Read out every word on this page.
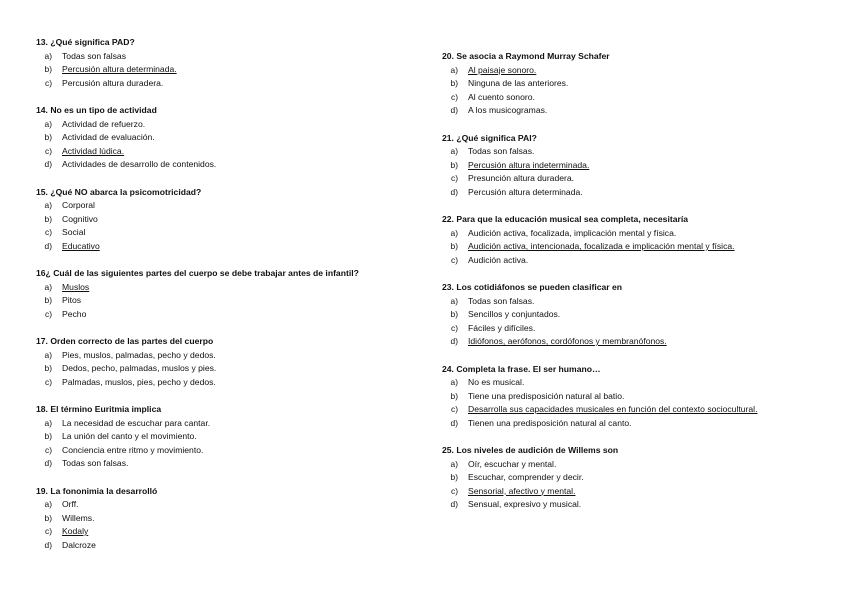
13. ¿Qué significa PAD?
a)	Todas son falsas
b)	Percusión altura determinada.
c)	Percusión altura duradera.
14. No es un tipo de actividad
a)	Actividad de refuerzo.
b)	Actividad de evaluación.
c)	Actividad lúdica.
d)	Actividades de desarrollo de contenidos.
15. ¿Qué NO abarca la psicomotricidad?
a)	Corporal
b)	Cognitivo
c)	Social
d)	Educativo
16¿ Cuál de las siguientes partes del cuerpo se debe trabajar antes de infantil?
a)	Muslos
b)	Pitos
c)	Pecho
17. Orden correcto de las partes del cuerpo
a)	Pies, muslos, palmadas, pecho y dedos.
b)	Dedos, pecho, palmadas, muslos y pies.
c)	Palmadas, muslos, pies, pecho y dedos.
18. El término Euritmia implica
a)	La necesidad de escuchar para cantar.
b)	La unión del canto y el movimiento.
c)	Conciencia entre ritmo y movimiento.
d)	Todas son falsas.
19. La fononimia la desarrolló
a)	Orff.
b)	Willems.
c)	Kodaly
d)	Dalcroze
20. Se asocia a Raymond Murray Schafer
a)	Al paisaje sonoro.
b)	Ninguna de las anteriores.
c)	Al cuento sonoro.
d)	A los musicogramas.
21. ¿Qué significa PAI?
a)	Todas son falsas.
b)	Percusión altura indeterminada.
c)	Presunción altura duradera.
d)	Percusión altura determinada.
22. Para que la educación musical sea completa, necesitaría
a)	Audición activa, focalizada, implicación mental y física.
b)	Audición activa, intencionada, focalizada e implicación mental y física.
c)	Audición activa.
23. Los cotidiáfonos se pueden clasificar en
a)	Todas son falsas.
b)	Sencillos y conjuntados.
c)	Fáciles y difíciles.
d)	Idiófonos, aerófonos, cordófonos y membranófonos.
24. Completa la frase. El ser humano…
a)	No es musical.
b)	Tiene una predisposición natural al batio.
c)	Desarrolla sus capacidades musicales en función del contexto sociocultural.
d)	Tienen una predisposición natural al canto.
25. Los niveles de audición de Willems son
a)	Oír, escuchar y mental.
b)	Escuchar, comprender y decir.
c)	Sensorial, afectivo y mental.
d)	Sensual, expresivo y musical.
